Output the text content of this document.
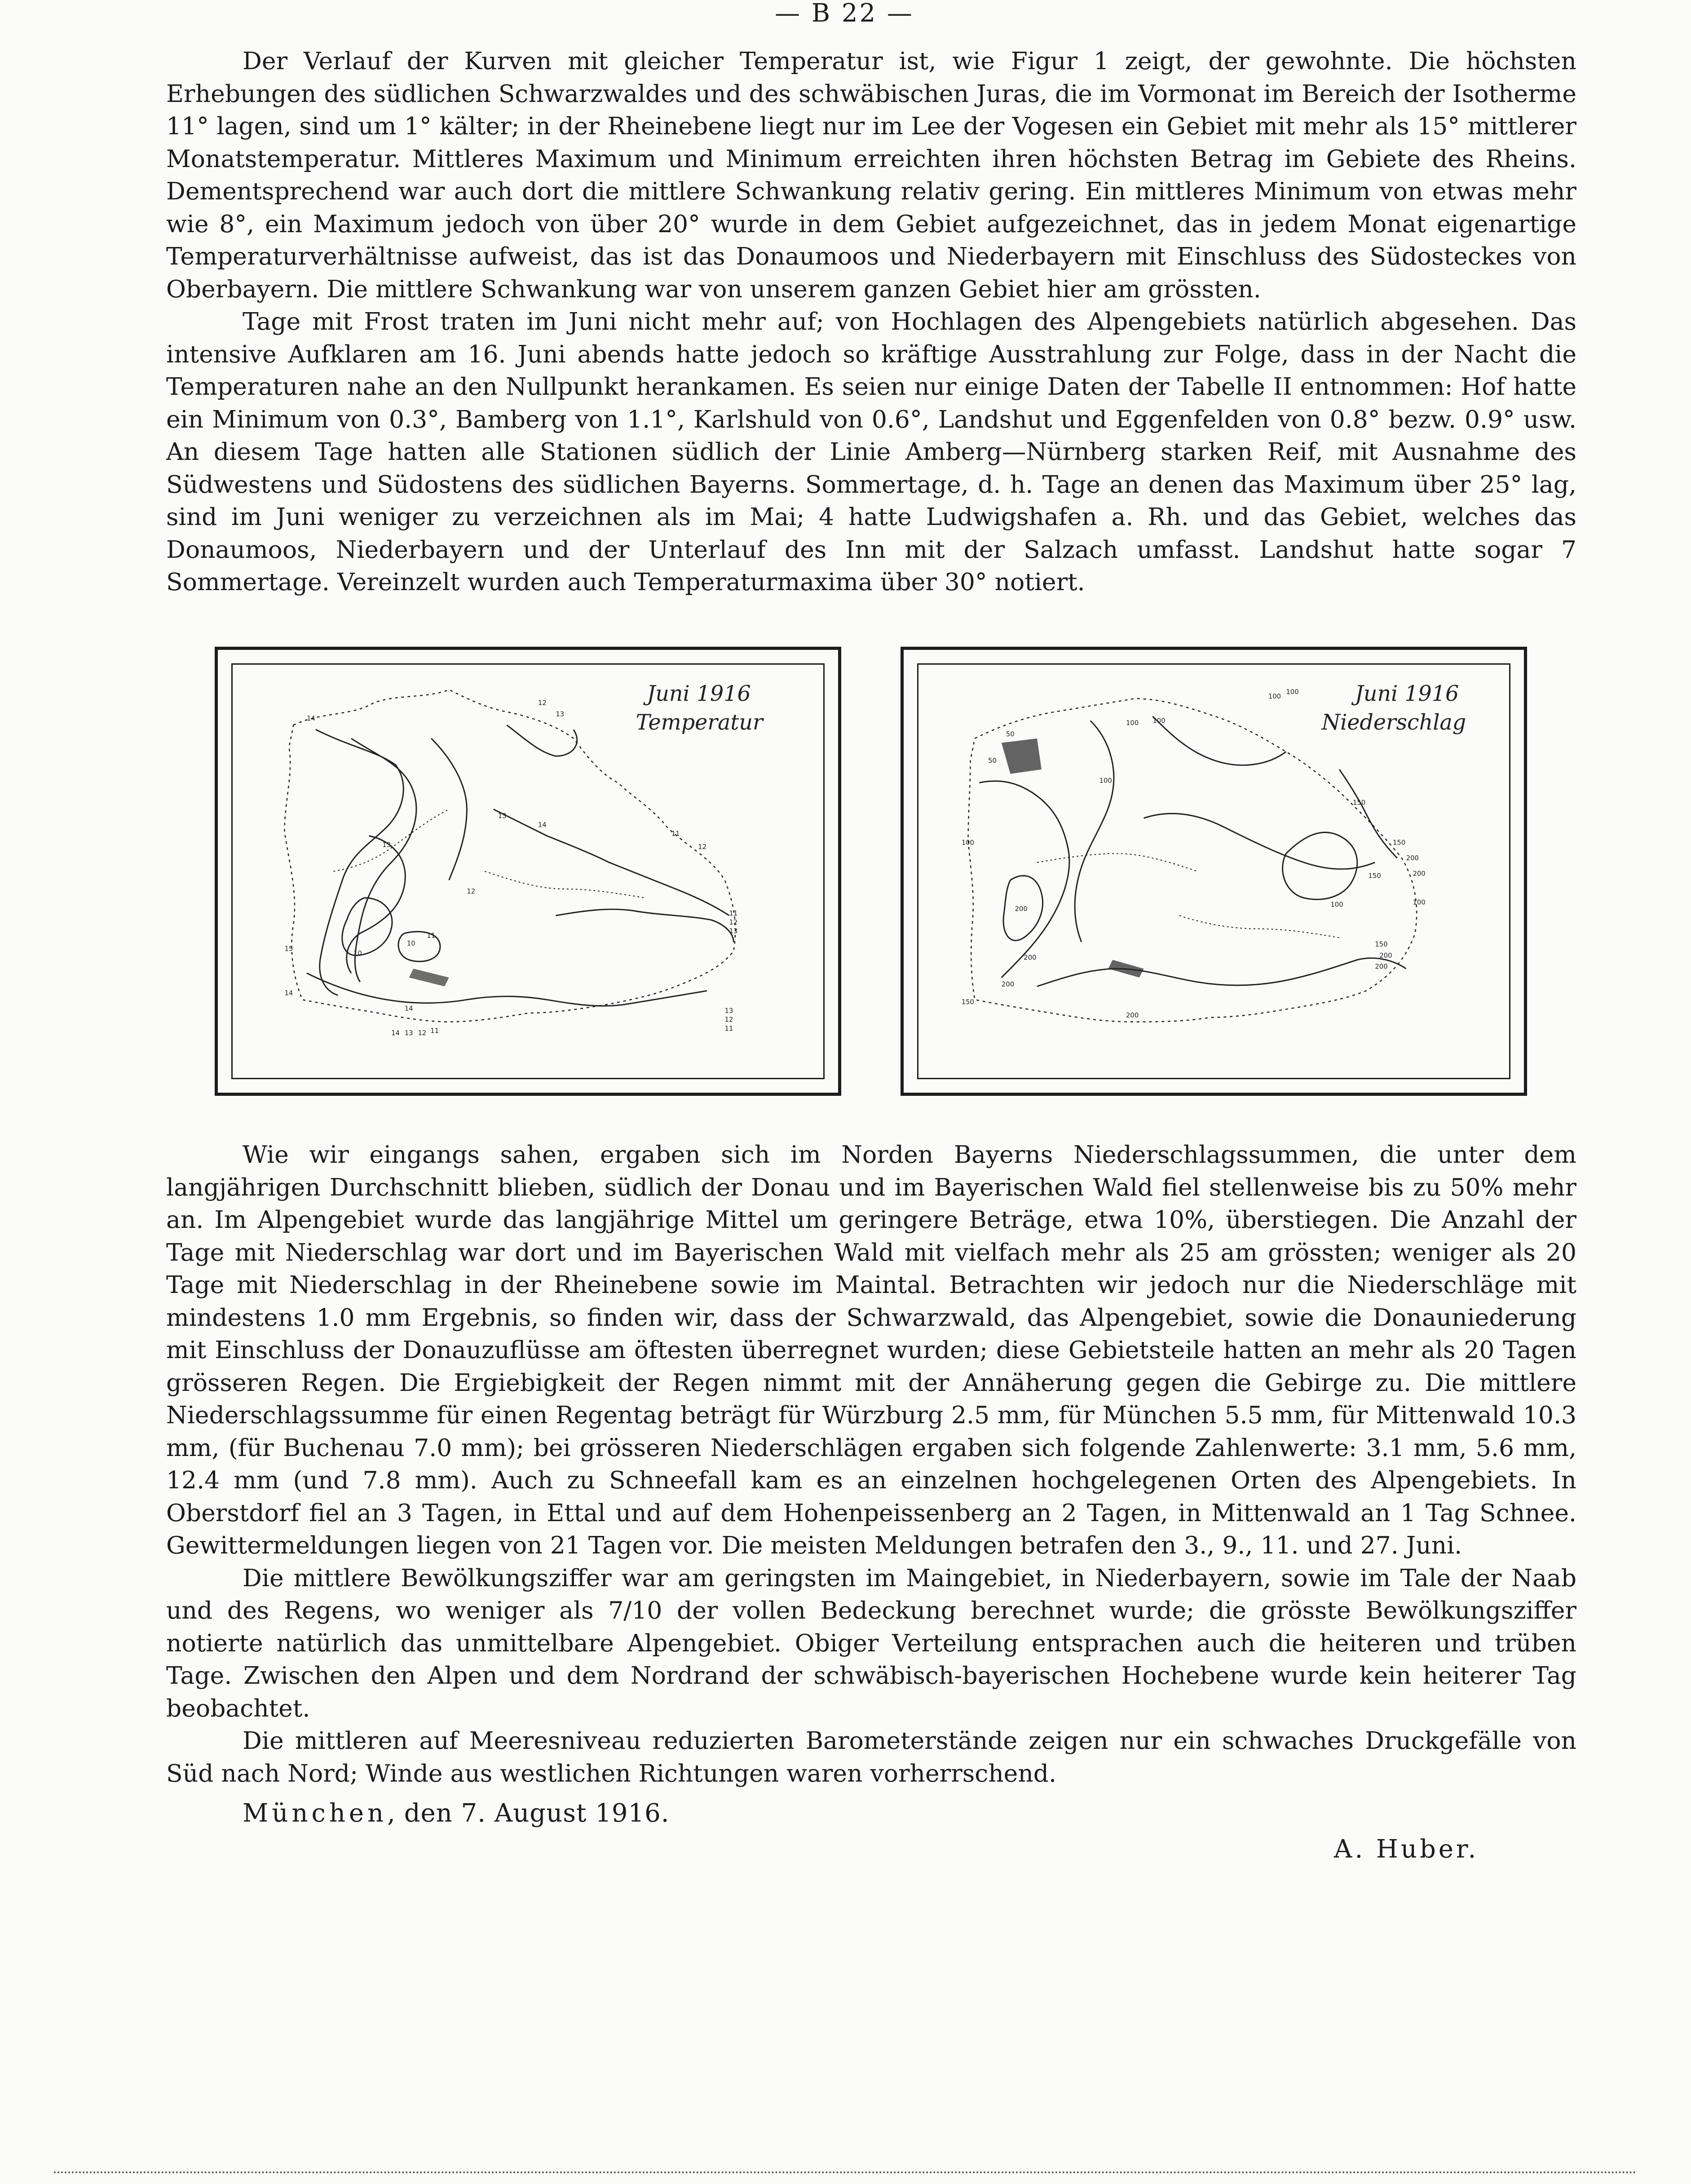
— B 22 —

Der Verlauf der Kurven mit gleicher Temperatur ist, wie Figur 1 zeigt, der gewohnte. Die höchsten Erhebungen des südlichen Schwarzwaldes und des schwäbischen Juras, die im Vormonat im Bereich der Isotherme 11° lagen, sind um 1° kälter; in der Rheinebene liegt nur im Lee der Vogesen ein Gebiet mit mehr als 15° mittlerer Monatstemperatur. Mittleres Maximum und Minimum erreichten ihren höchsten Betrag im Gebiete des Rheins. Dementsprechend war auch dort die mittlere Schwankung relativ gering. Ein mittleres Minimum von etwas mehr wie 8°, ein Maximum jedoch von über 20° wurde in dem Gebiet aufgezeichnet, das in jedem Monat eigenartige Temperaturverhältnisse aufweist, das ist das Donaumoos und Niederbayern mit Einschluss des Südosteckes von Oberbayern. Die mittlere Schwankung war von unserem ganzen Gebiet hier am grössten.

Tage mit Frost traten im Juni nicht mehr auf; von Hochlagen des Alpengebiets natürlich abgesehen. Das intensive Aufklaren am 16. Juni abends hatte jedoch so kräftige Ausstrahlung zur Folge, dass in der Nacht die Temperaturen nahe an den Nullpunkt herankamen. Es seien nur einige Daten der Tabelle II entnommen: Hof hatte ein Minimum von 0.3°, Bamberg von 1.1°, Karlshuld von 0.6°, Landshut und Eggenfelden von 0.8° bezw. 0.9° usw. An diesem Tage hatten alle Stationen südlich der Linie Amberg—Nürnberg starken Reif, mit Ausnahme des Südwestens und Südostens des südlichen Bayerns. Sommertage, d. h. Tage an denen das Maximum über 25° lag, sind im Juni weniger zu verzeichnen als im Mai; 4 hatte Ludwigshafen a. Rh. und das Gebiet, welches das Donaumoos, Niederbayern und der Unterlauf des Inn mit der Salzach umfasst. Landshut hatte sogar 7 Sommertage. Vereinzelt wurden auch Temperaturmaxima über 30° notiert.

Juni 1916
Temperatur
14
12
13
13
13
14
12
11
12
11
12
13
10
11
10
15
14
14
14 13 12 11
13
12
11
Juni 1916
Niederschlag
100
100
100 100
50
50
100
100
150
150
200
200
150
100
200
100
150
200
200
150
200
200
200

Wie wir eingangs sahen, ergaben sich im Norden Bayerns Niederschlagssummen, die unter dem langjährigen Durchschnitt blieben, südlich der Donau und im Bayerischen Wald fiel stellenweise bis zu 50% mehr an. Im Alpengebiet wurde das langjährige Mittel um geringere Beträge, etwa 10%, überstiegen. Die Anzahl der Tage mit Niederschlag war dort und im Bayerischen Wald mit vielfach mehr als 25 am grössten; weniger als 20 Tage mit Niederschlag in der Rheinebene sowie im Maintal. Betrachten wir jedoch nur die Niederschläge mit mindestens 1.0 mm Ergebnis, so finden wir, dass der Schwarzwald, das Alpengebiet, sowie die Donauniederung mit Einschluss der Donauzuflüsse am öftesten überregnet wurden; diese Gebietsteile hatten an mehr als 20 Tagen grösseren Regen. Die Ergiebigkeit der Regen nimmt mit der Annäherung gegen die Gebirge zu. Die mittlere Niederschlagssumme für einen Regentag beträgt für Würzburg 2.5 mm, für München 5.5 mm, für Mittenwald 10.3 mm, (für Buchenau 7.0 mm); bei grösseren Niederschlägen ergaben sich folgende Zahlenwerte: 3.1 mm, 5.6 mm, 12.4 mm (und 7.8 mm). Auch zu Schneefall kam es an einzelnen hochgelegenen Orten des Alpengebiets. In Oberstdorf fiel an 3 Tagen, in Ettal und auf dem Hohenpeissenberg an 2 Tagen, in Mittenwald an 1 Tag Schnee. Gewittermeldungen liegen von 21 Tagen vor. Die meisten Meldungen betrafen den 3., 9., 11. und 27. Juni.

Die mittlere Bewölkungsziffer war am geringsten im Maingebiet, in Niederbayern, sowie im Tale der Naab und des Regens, wo weniger als 7/10 der vollen Bedeckung berechnet wurde; die grösste Bewölkungsziffer notierte natürlich das unmittelbare Alpengebiet. Obiger Verteilung entsprachen auch die heiteren und trüben Tage. Zwischen den Alpen und dem Nordrand der schwäbisch-bayerischen Hochebene wurde kein heiterer Tag beobachtet.

Die mittleren auf Meeresniveau reduzierten Barometerstände zeigen nur ein schwaches Druckgefälle von Süd nach Nord; Winde aus westlichen Richtungen waren vorherrschend.

München, den 7. August 1916.
A. Huber.
